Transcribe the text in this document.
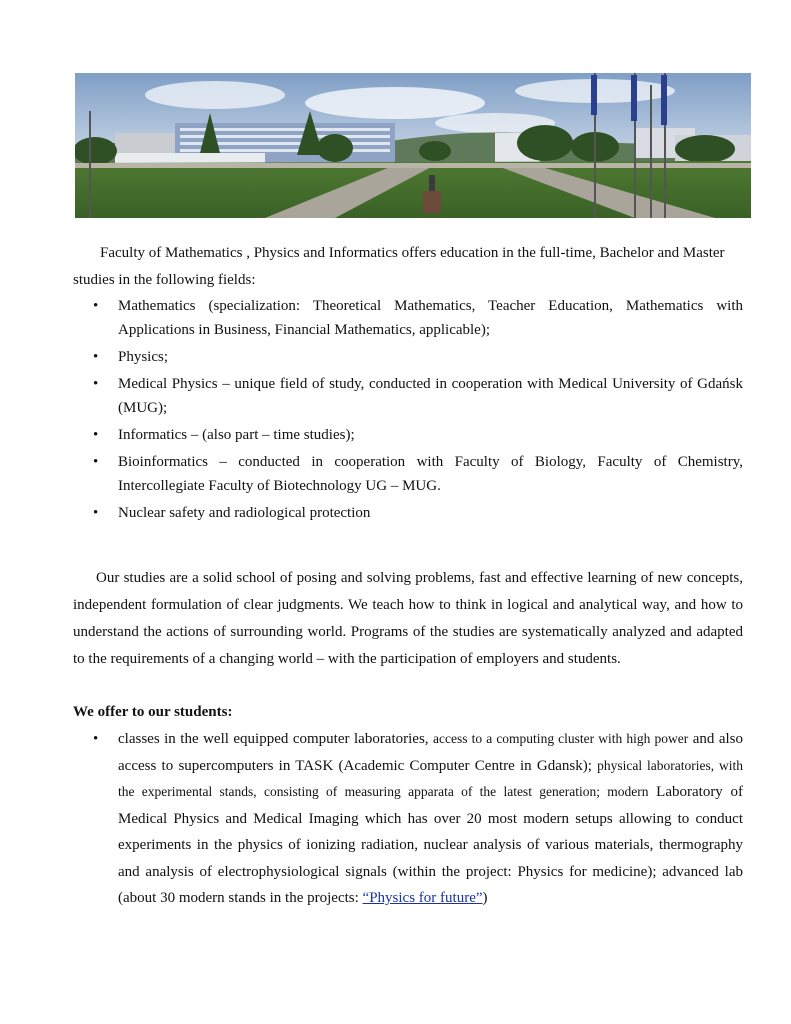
Faculty of Mathematics , Physics and Informatics offers education in the full-time, Bachelor and Master studies in the following fields:

• Mathematics (specialization: Theoretical Mathematics, Teacher Education, Mathematics with Applications in Business, Financial Mathematics, applicable);
• Physics;
• Medical Physics – unique field of study, conducted in cooperation with Medical University of Gdańsk (MUG);
• Informatics – (also part – time studies);
• Bioinformatics – conducted in cooperation with Faculty of Biology, Faculty of Chemistry, Intercollegiate Faculty of Biotechnology UG – MUG.
• Nuclear safety and radiological protection

Our studies are a solid school of posing and solving problems, fast and effective learning of new concepts, independent formulation of clear judgments. We teach how to think in logical and analytical way, and how to understand the actions of surrounding world. Programs of the studies are systematically analyzed and adapted to the requirements of a changing world – with the participation of employers and students.

We offer to our students:

• classes in the well equipped computer laboratories, access to a computing cluster with high power and also access to supercomputers in TASK (Academic Computer Centre in Gdansk); physical laboratories, with the experimental stands, consisting of measuring apparata of the latest generation; modern Laboratory of Medical Physics and Medical Imaging which has over 20 most modern setups allowing to conduct experiments in the physics of ionizing radiation, nuclear analysis of various materials, thermography and analysis of electrophysiological signals (within the project: Physics for medicine); advanced lab (about 30 modern stands in the projects: “Physics for future”)
